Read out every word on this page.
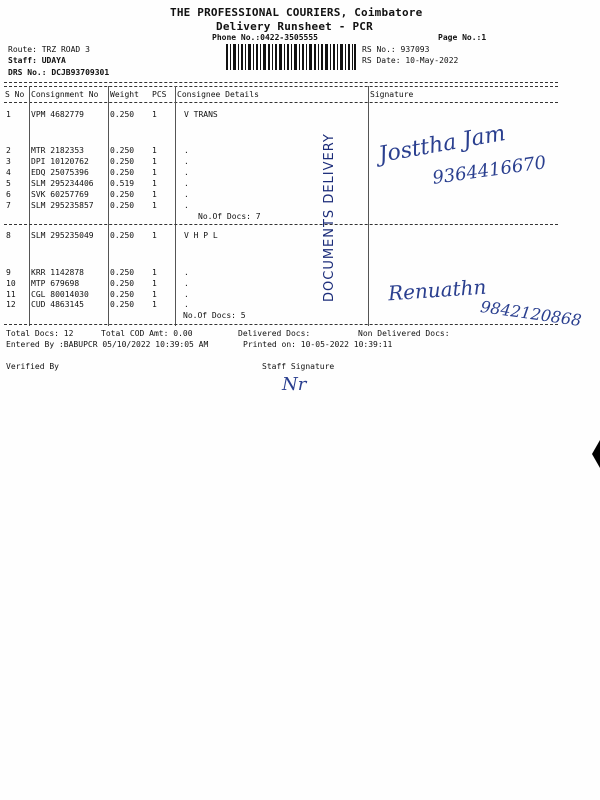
THE PROFESSIONAL COURIERS, Coimbatore
Delivery Runsheet - PCR
Phone No.:0422-3505555	Page No.:1
Route: TRZ ROAD 3
Staff: UDAYA
DRS No.: DCJB93709301
RS No.: 937093
RS Date: 10-May-2022
S No Consignment No Weight PCS Consignee Details	Signature
1	VPM 4682779	0.250 1	V TRANS
2	MTR 2182353	0.250 1	.
3	DPI 10120762	0.250 1	.
4	EDQ 25075396	0.250 1	.
5	SLM 295234406 0.519 1	.
6	SVK 60257769	0.250 1	.
7	SLM 295235857 0.250 1	.
No.Of Docs: 7
8	SLM 295235049 0.250 1	V H P L
9	KRR 1142878	0.250 1	.
10 MTP 679698	0.250 1	.
11 CGL 80014030	0.250 1	.
12 CUD 4863145	0.250 1	.
No.Of Docs: 5
DOCUMENTS DELIVERY Josttha Jam
9364416670
Renuathn
9842120868
Total Docs: 12	Total COD Amt: 0.00	Delivered Docs:	Non Delivered Docs:
Entered By :BABUPCR 05/10/2022 10:39:05 AM	Printed on: 10-05-2022 10:39:11
Verified By	Staff Signature
Nr
